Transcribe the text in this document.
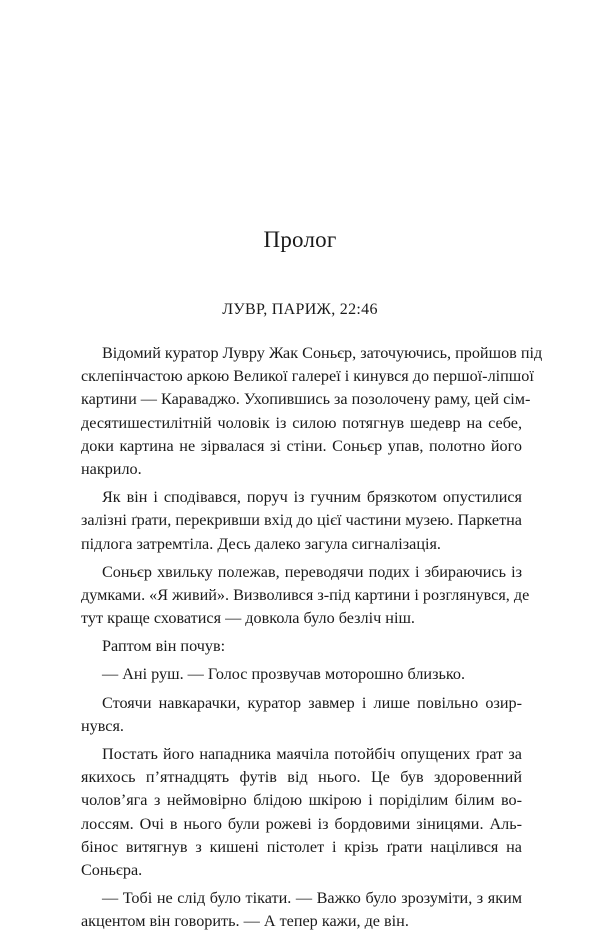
Пролог
ЛУВР, ПАРИЖ, 22:46
Відомий куратор Лувру Жак Соньєр, заточуючись, пройшов під
склепінчастою аркою Великої галереї і кинувся до першої-ліпшої
картини — Караваджо. Ухопившись за позолочену раму, цей сім-
десятишестилітній чоловік із силою потягнув шедевр на себе,
доки картина не зірвалася зі стіни. Соньєр упав, полотно його
накрило.
Як він і сподівався, поруч із гучним брязкотом опустилися
залізні ґрати, перекривши вхід до цієї частини музею. Паркетна
підлога затремтіла. Десь далеко загула сигналізація.
Соньєр хвильку полежав, переводячи подих і збираючись із
думками. «Я живий». Визволився з-під картини і розглянувся, де
тут краще сховатися — довкола було безліч ніш.
Раптом він почув:
— Ані руш. — Голос прозвучав моторошно близько.
Стоячи навкарачки, куратор завмер і лише повільно озир-
нувся.
Постать його нападника маячіла потойбіч опущених ґрат за
якихось п’ятнадцять футів від нього. Це був здоровенний
чолов’яга з неймовірно блідою шкірою і поріділим білим во-
лоссям. Очі в нього були рожеві із бордовими зіницями. Аль-
бінос витягнув з кишені пістолет і крізь ґрати націлився на
Соньєра.
— Тобі не слід було тікати. — Важко було зрозуміти, з яким
акцентом він говорить. — А тепер кажи, де він.
